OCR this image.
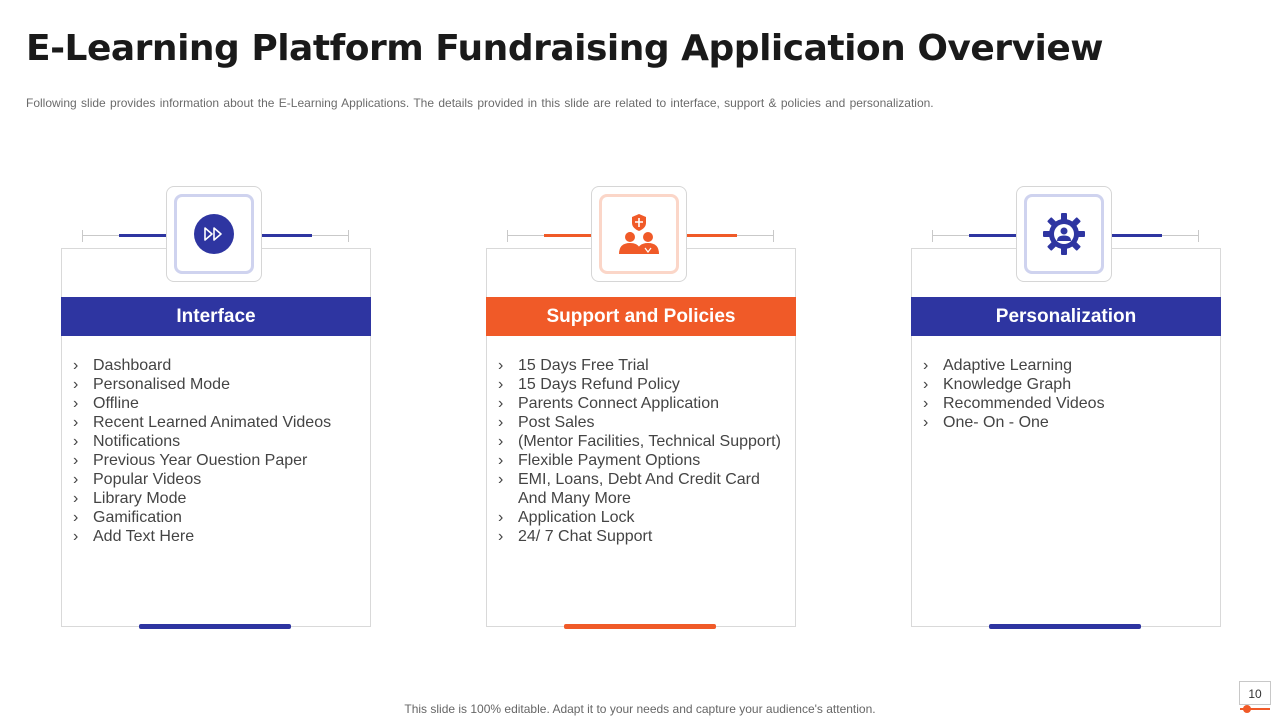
E-Learning Platform Fundraising Application Overview
Following slide provides information about the E-Learning Applications. The details provided in this slide are related to interface, support & policies and personalization.
Interface
› Dashboard
› Personalised Mode
› Offline
› Recent Learned Animated Videos
› Notifications
› Previous Year Ouestion Paper
› Popular Videos
› Library Mode
› Gamification
› Add Text Here
Support and Policies
› 15 Days Free Trial
› 15 Days Refund Policy
› Parents Connect Application
› Post Sales
› (Mentor Facilities, Technical Support)
› Flexible Payment Options
› EMI, Loans, Debt And Credit Card And Many More
› Application Lock
› 24/ 7 Chat Support
Personalization
› Adaptive Learning
› Knowledge Graph
› Recommended Videos
› One- On - One
This slide is 100% editable. Adapt it to your needs and capture your audience's attention.
10
